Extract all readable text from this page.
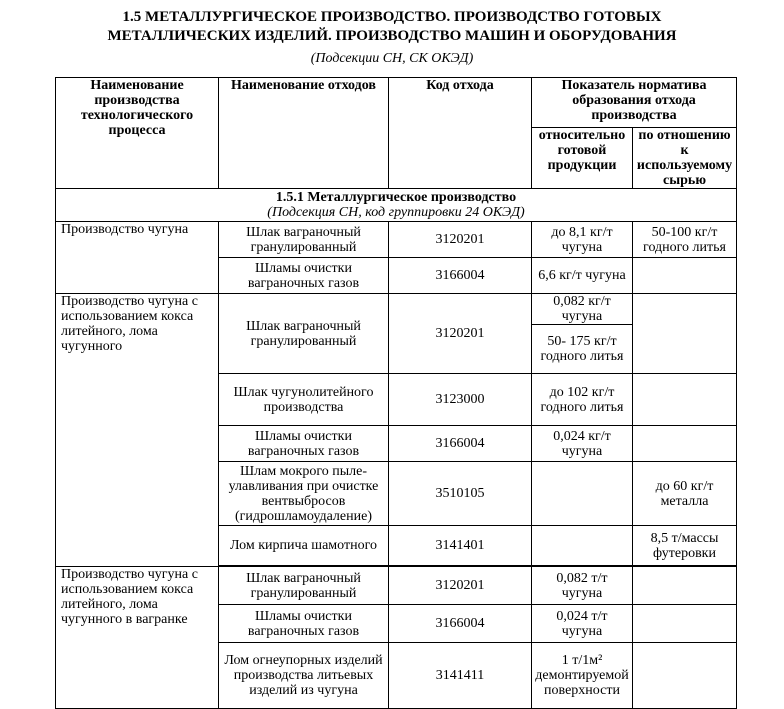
1.5 МЕТАЛЛУРГИЧЕСКОЕ ПРОИЗВОДСТВО. ПРОИЗВОДСТВО ГОТОВЫХ
МЕТАЛЛИЧЕСКИХ ИЗДЕЛИЙ. ПРОИЗВОДСТВО МАШИН И ОБОРУДОВАНИЯ
(Подсекции СН, СК ОКЭД)
Наименование производства технологического процесса	Наименование отходов	Код отхода	Показатель норматива образования отхода производства	
			относительно готовой продукции	по отношению к используемому сырью

1.5.1 Металлургическое производство
(Подсекция СН, код группировки 24 ОКЭД)				

Производство чугуна	Шлак ваграночный гранулированный	3120201	до 8,1 кг/т чугуна	50-100 кг/т годного литья
	Шламы очистки ваграночных газов	3166004	6,6 кг/т чугуна	
Производство чугуна с использованием кокса литейного, лома чугунного	Шлак ваграночный гранулированный	3120201	0,082 кг/т чугуна	
			50- 175 кг/т годного литья	
	Шлак чугунолитейного производства	3123000	до 102 кг/т годного литья	
	Шламы очистки ваграночных газов	3166004	0,024 кг/т чугуна	
	Шлам мокрого пыле-улавливания при очистке вентвыбросов (гидрошламоудаление)	3510105		до 60 кг/т металла
	Лом кирпича шамотного	3141401		8,5 т/массы футеровки

Производство чугуна с использованием кокса литейного, лома чугунного в вагранке	Шлак ваграночный гранулированный	3120201	0,082 т/т чугуна	
	Шламы очистки ваграночных газов	3166004	0,024 т/т чугуна	
	Лом огнеупорных изделий производства литьевых изделий из чугуна	3141411	1 т/1м² демонтируемой поверхности	
